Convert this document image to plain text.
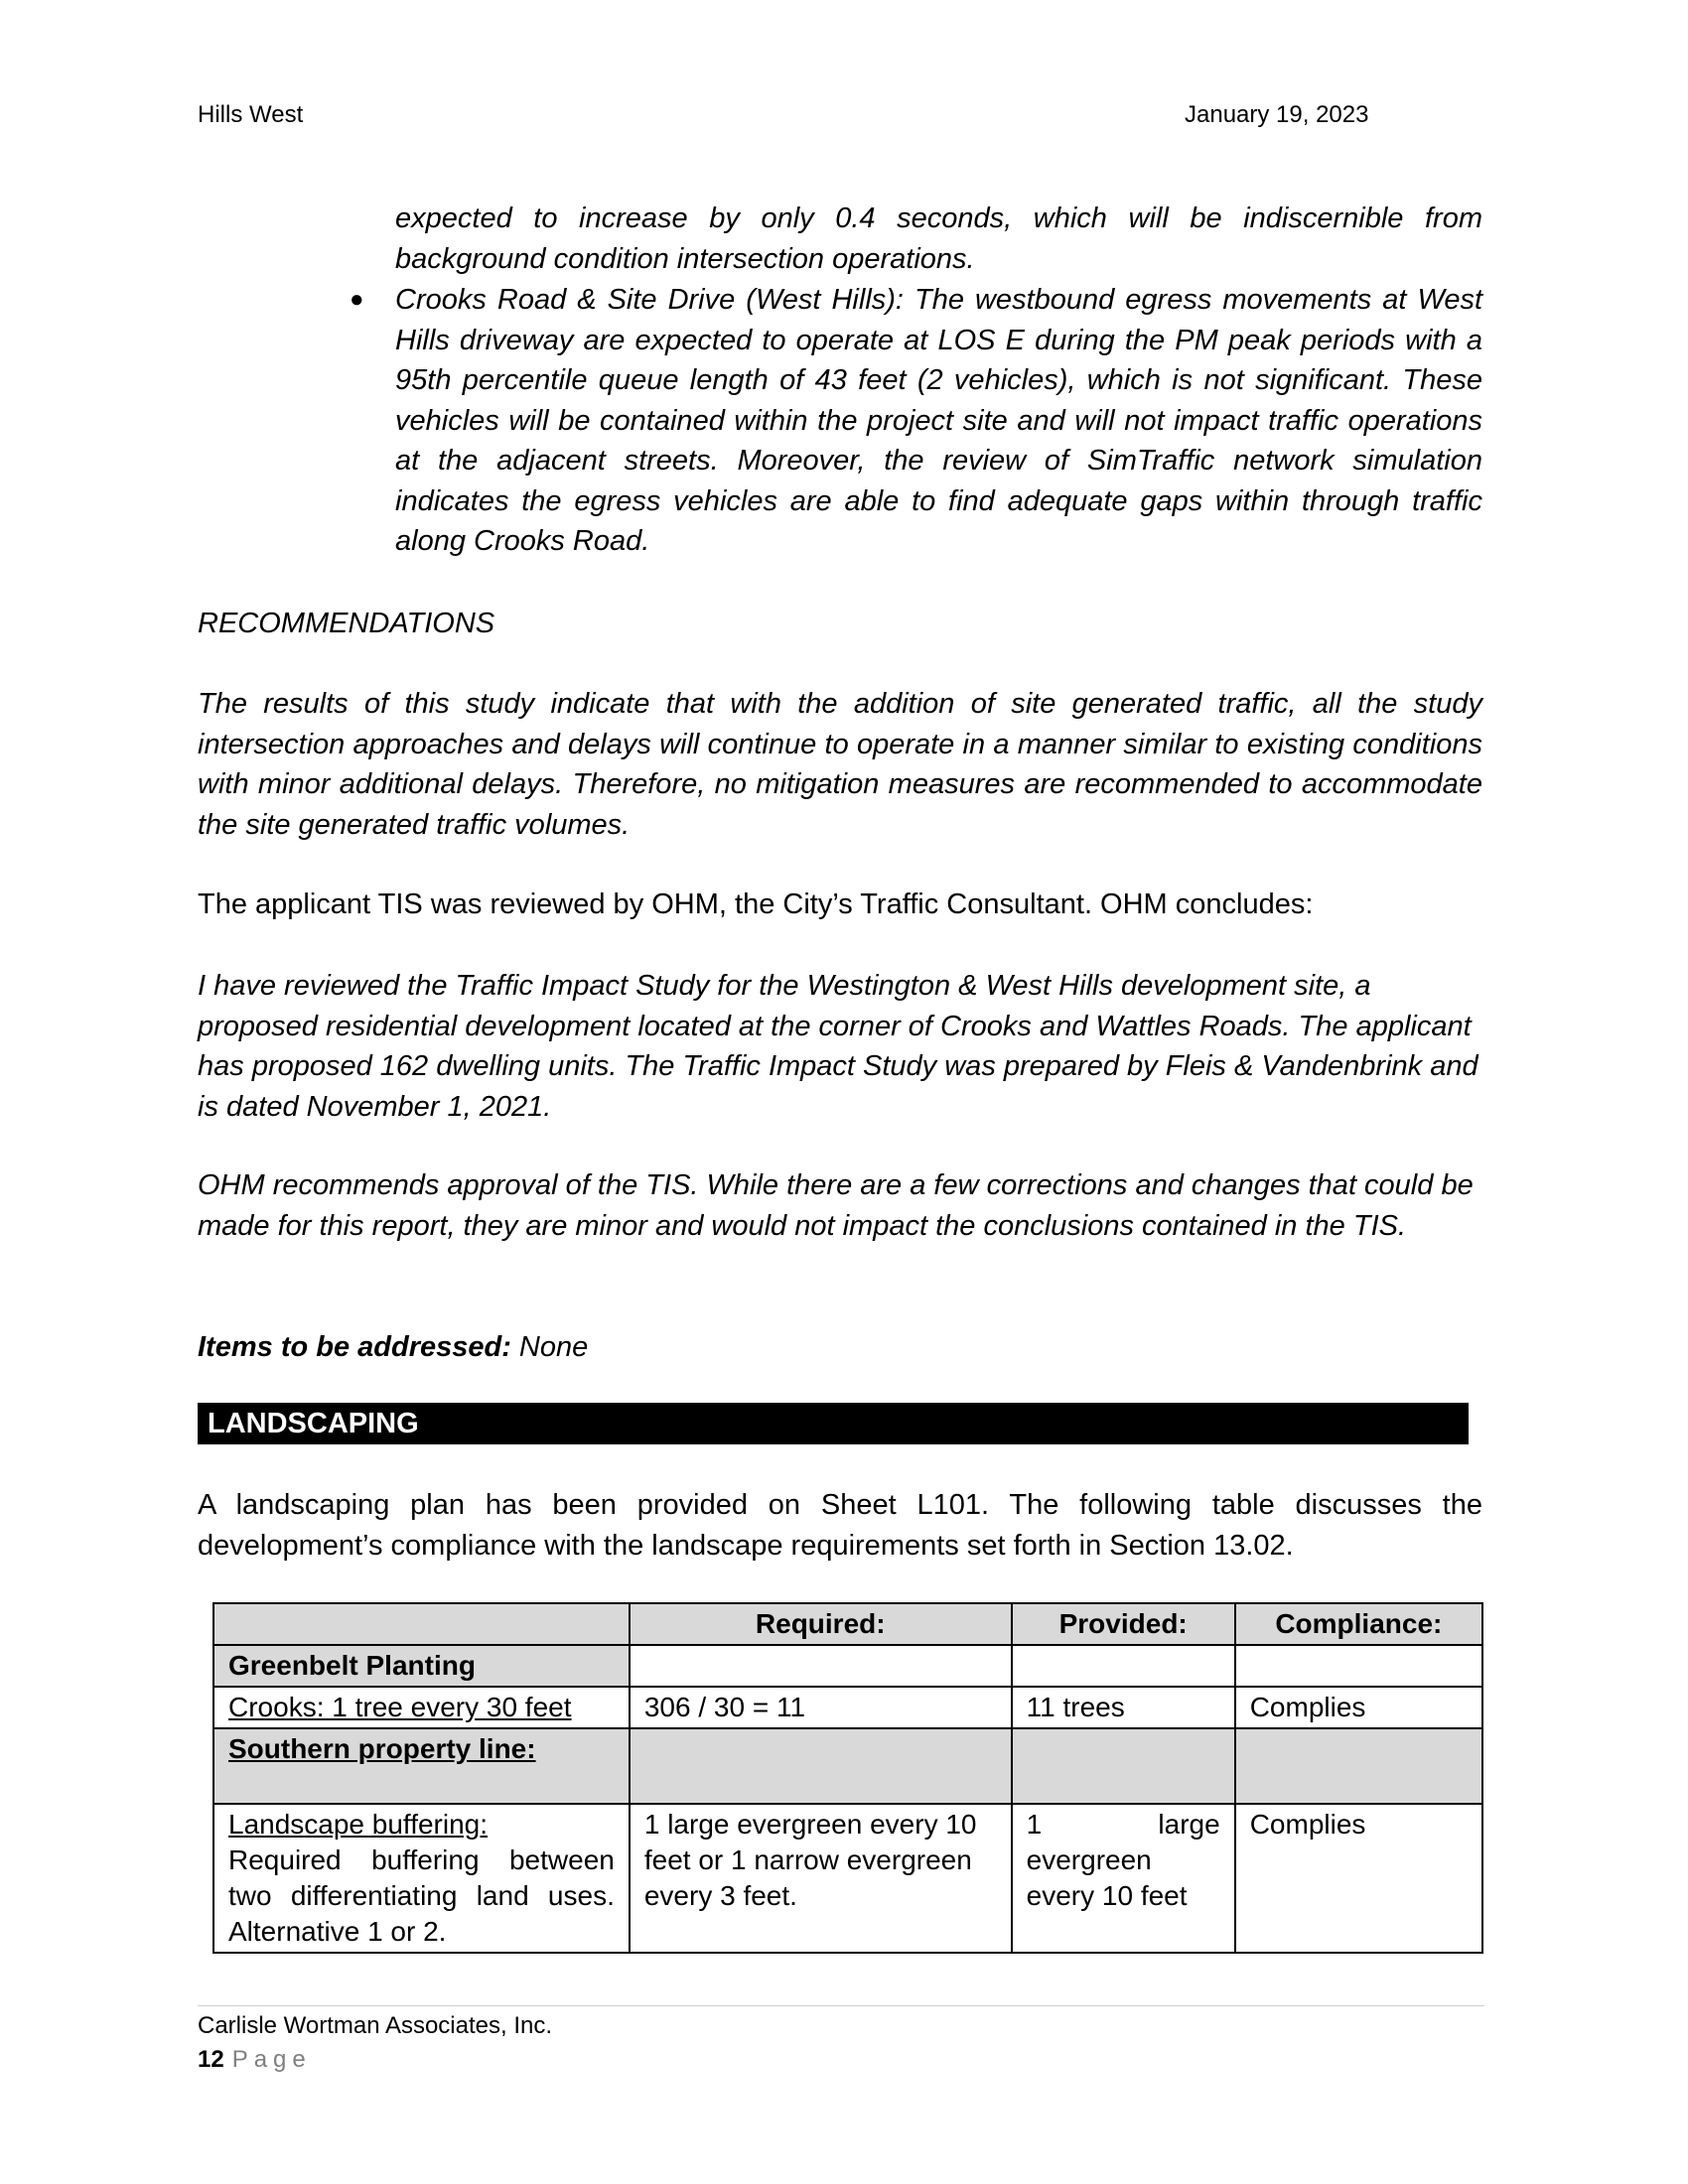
Hills West	January 19, 2023
expected to increase by only 0.4 seconds, which will be indiscernible from background condition intersection operations.
● Crooks Road & Site Drive (West Hills): The westbound egress movements at West Hills driveway are expected to operate at LOS E during the PM peak periods with a 95th percentile queue length of 43 feet (2 vehicles), which is not significant. These vehicles will be contained within the project site and will not impact traffic operations at the adjacent streets. Moreover, the review of SimTraffic network simulation indicates the egress vehicles are able to find adequate gaps within through traffic along Crooks Road.
RECOMMENDATIONS
The results of this study indicate that with the addition of site generated traffic, all the study intersection approaches and delays will continue to operate in a manner similar to existing conditions with minor additional delays. Therefore, no mitigation measures are recommended to accommodate the site generated traffic volumes.
The applicant TIS was reviewed by OHM, the City’s Traffic Consultant. OHM concludes:
I have reviewed the Traffic Impact Study for the Westington & West Hills development site, a proposed residential development located at the corner of Crooks and Wattles Roads. The applicant has proposed 162 dwelling units. The Traffic Impact Study was prepared by Fleis & Vandenbrink and is dated November 1, 2021.
OHM recommends approval of the TIS. While there are a few corrections and changes that could be made for this report, they are minor and would not impact the conclusions contained in the TIS.
Items to be addressed: None
LANDSCAPING
A landscaping plan has been provided on Sheet L101. The following table discusses the development’s compliance with the landscape requirements set forth in Section 13.02.
	Required:	Provided:	Compliance:
Greenbelt Planting			
Crooks: 1 tree every 30 feet	306 / 30 = 11	11 trees	Complies
Southern property line:			

Landscape buffering:
Required buffering between two differentiating land uses. Alternative 1 or 2.	1 large evergreen every 10 feet or 1 narrow evergreen every 3 feet.	1 large evergreen every 10 feet	Complies
Carlisle Wortman Associates, Inc.
12 Page
